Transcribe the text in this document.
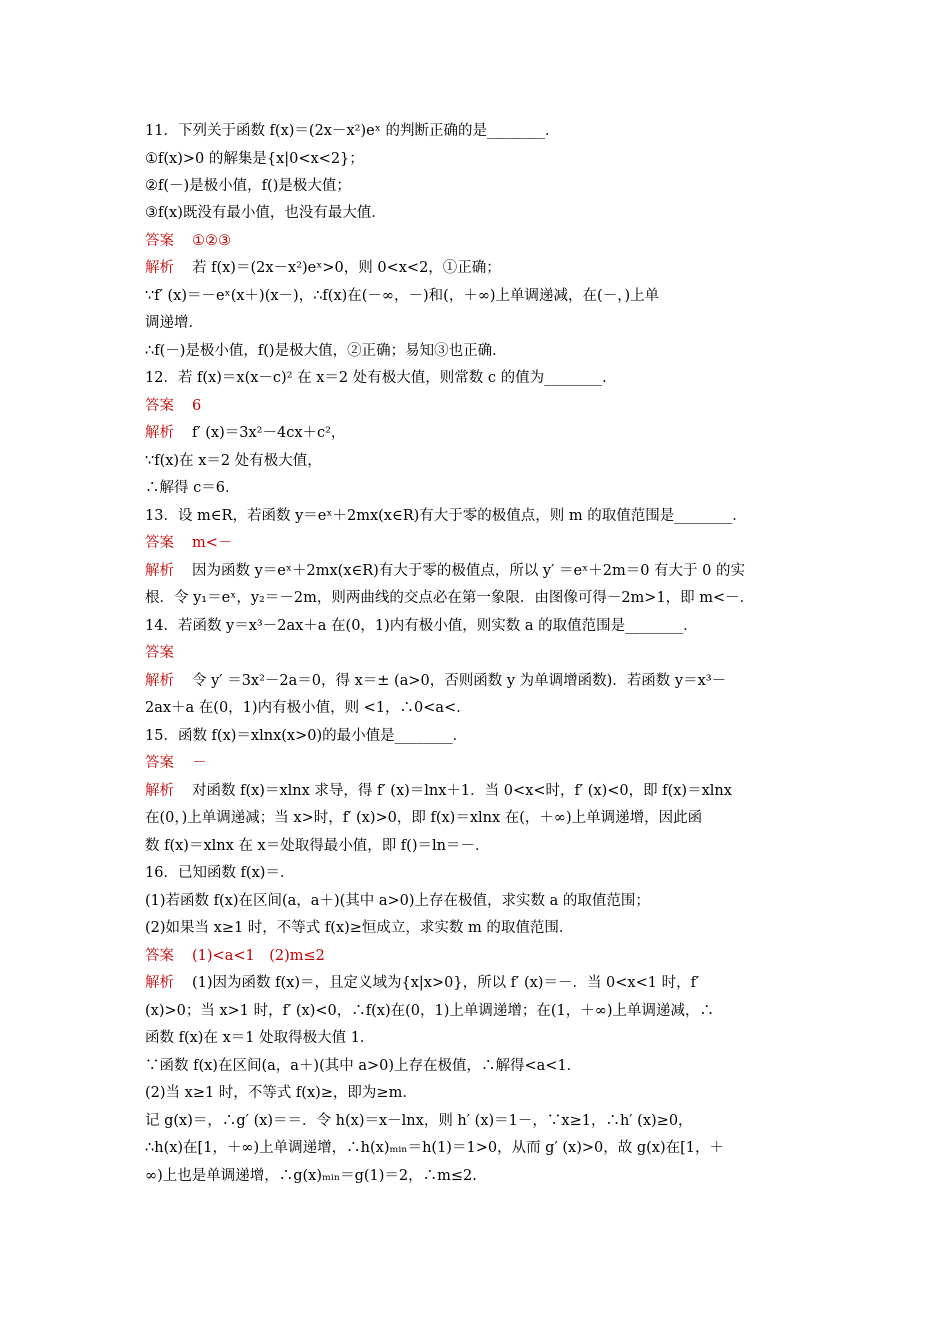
11．下列关于函数 f(x)＝(2x－x²)eˣ 的判断正确的是________．
①f(x)>0 的解集是{x|0<x<2}；
②f(－)是极小值，f()是极大值；
③f(x)既没有最小值，也没有最大值．
答案 ①②③
解析 若 f(x)＝(2x－x²)eˣ>0，则 0<x<2，①正确；
∵f′ (x)＝－eˣ(x＋)(x－)，∴f(x)在(－∞，－)和(，＋∞)上单调递减，在(－，)上单
调递增．
∴f(－)是极小值，f()是极大值，②正确；易知③也正确．
12．若 f(x)＝x(x－c)² 在 x＝2 处有极大值，则常数 c 的值为________．
答案 6
解析 f′ (x)＝3x²－4cx＋c²，
∵f(x)在 x＝2 处有极大值，
∴解得 c＝6．
13．设 m∈R，若函数 y＝eˣ＋2mx(x∈R)有大于零的极值点，则 m 的取值范围是________．
答案 m<－
解析 因为函数 y＝eˣ＋2mx(x∈R)有大于零的极值点，所以 y′ ＝eˣ＋2m＝0 有大于 0 的实
根．令 y₁＝eˣ，y₂＝－2m，则两曲线的交点必在第一象限．由图像可得－2m>1，即 m<－．
14．若函数 y＝x³－2ax＋a 在(0，1)内有极小值，则实数 a 的取值范围是________．
答案
解析 令 y′ ＝3x²－2a＝0，得 x＝± (a>0，否则函数 y 为单调增函数)．若函数 y＝x³－
2ax＋a 在(0，1)内有极小值，则 <1，∴0<a<．
15．函数 f(x)＝xlnx(x>0)的最小值是________．
答案 －
解析 对函数 f(x)＝xlnx 求导，得 f′ (x)＝lnx＋1．当 0<x<时，f′ (x)<0，即 f(x)＝xlnx
在(0，)上单调递减；当 x>时，f′ (x)>0，即 f(x)＝xlnx 在(，＋∞)上单调递增，因此函
数 f(x)＝xlnx 在 x＝处取得最小值，即 f()＝ln＝－．
16．已知函数 f(x)＝．
(1)若函数 f(x)在区间(a，a＋)(其中 a>0)上存在极值，求实数 a 的取值范围；
(2)如果当 x≥1 时，不等式 f(x)≥恒成立，求实数 m 的取值范围．
答案 (1)<a<1　(2)m≤2
解析 (1)因为函数 f(x)＝，且定义域为{x|x>0}，所以 f′ (x)＝－．当 0<x<1 时，f′
(x)>0；当 x>1 时，f′ (x)<0，∴f(x)在(0，1)上单调递增；在(1，＋∞)上单调递减，∴
函数 f(x)在 x＝1 处取得极大值 1．
∵函数 f(x)在区间(a，a＋)(其中 a>0)上存在极值，∴解得<a<1．
(2)当 x≥1 时，不等式 f(x)≥，即为≥m．
记 g(x)＝，∴g′ (x)＝＝．令 h(x)＝x－lnx，则 h′ (x)＝1－，∵x≥1，∴h′ (x)≥0，
∴h(x)在[1，＋∞)上单调递增，∴h(x)ₘᵢₙ＝h(1)＝1>0，从而 g′ (x)>0，故 g(x)在[1，＋
∞)上也是单调递增，∴g(x)ₘᵢₙ＝g(1)＝2，∴m≤2.
